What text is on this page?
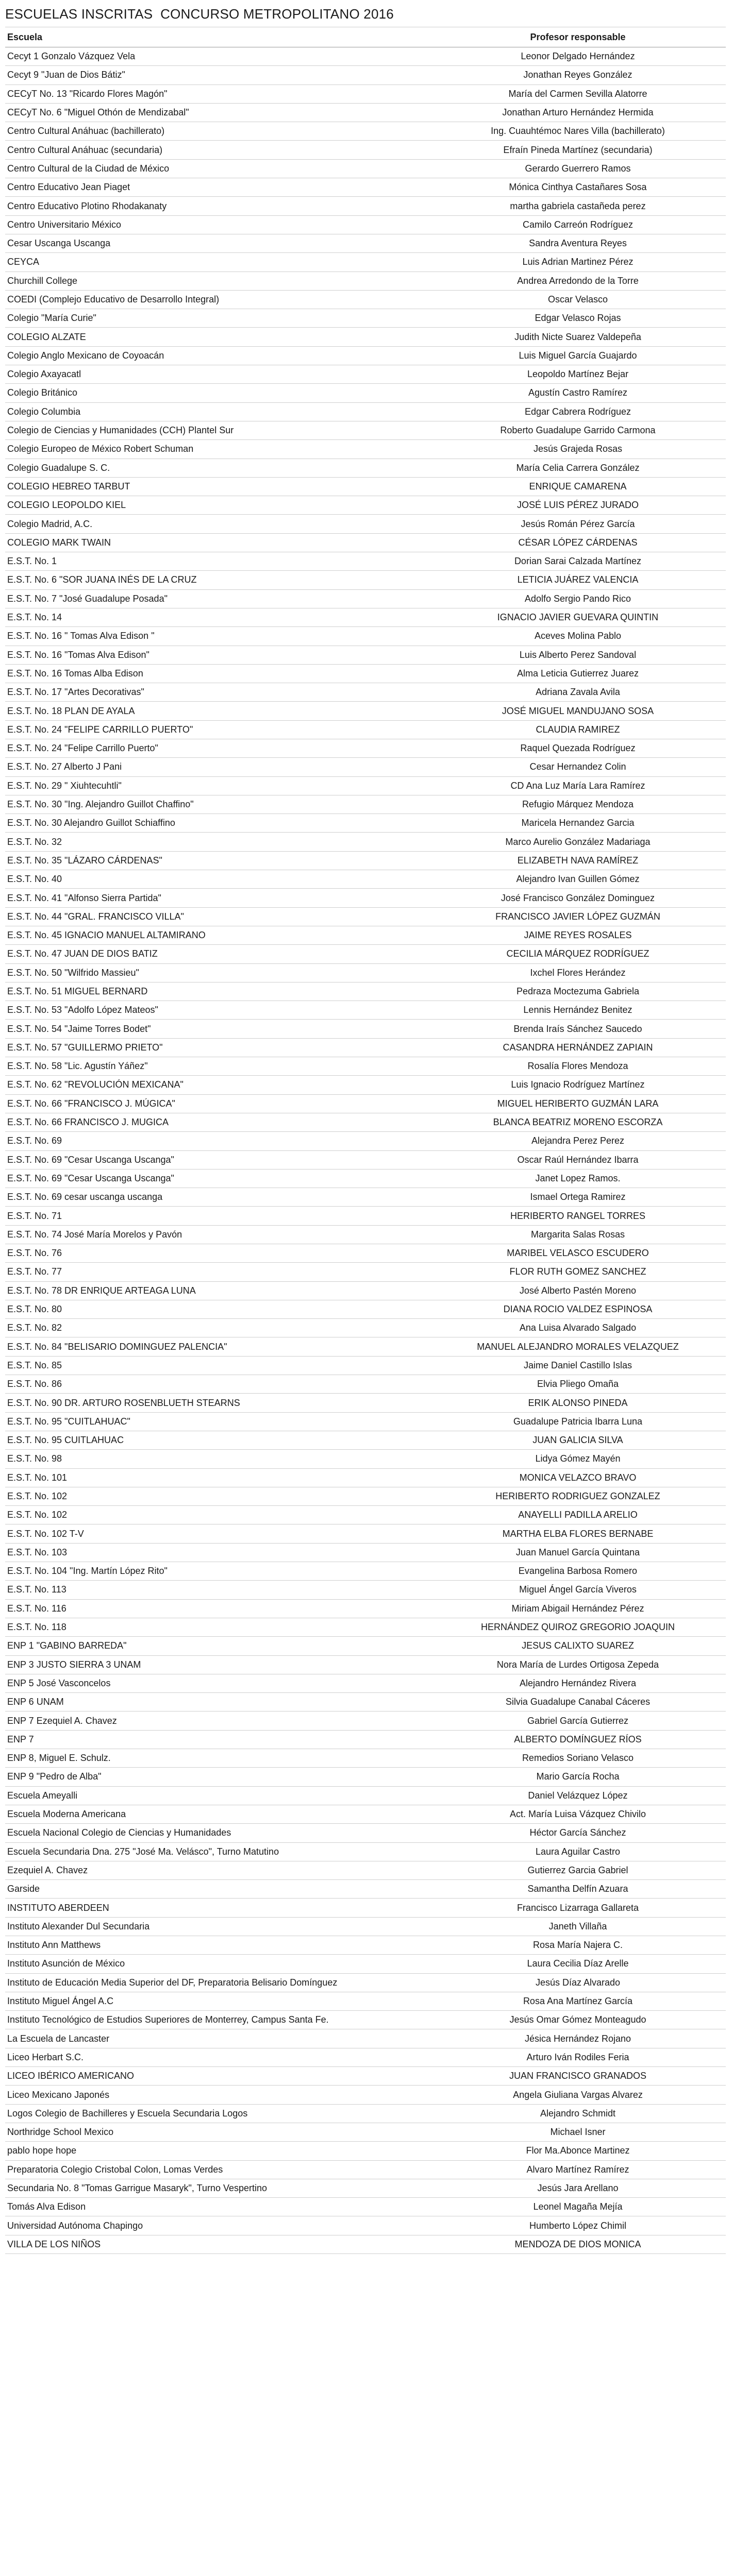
ESCUELAS INSCRITAS  CONCURSO METROPOLITANO 2016
Escuela	Profesor responsable
Cecyt 1 Gonzalo Vázquez Vela	Leonor Delgado Hernández
Cecyt 9 "Juan de Dios Bátiz"	Jonathan Reyes González
CECyT No. 13 "Ricardo Flores Magón"	María del Carmen Sevilla Alatorre
CECyT No. 6 "Miguel Othón de Mendizabal"	Jonathan Arturo Hernández Hermida
Centro Cultural Anáhuac (bachillerato)	Ing. Cuauhtémoc Nares Villa (bachillerato)
Centro Cultural Anáhuac (secundaria)	Efraín Pineda Martínez (secundaria)
Centro Cultural de la Ciudad de México	Gerardo Guerrero Ramos
Centro Educativo Jean Piaget	Mónica Cinthya Castañares Sosa
Centro Educativo Plotino Rhodakanaty	martha gabriela castañeda perez
Centro Universitario México	Camilo Carreón Rodríguez
Cesar Uscanga Uscanga	Sandra Aventura Reyes
CEYCA	Luis Adrian Martinez Pérez
Churchill College	Andrea Arredondo de la Torre
COEDI (Complejo Educativo de Desarrollo Integral)	Oscar Velasco
Colegio "María Curie"	Edgar Velasco Rojas
COLEGIO ALZATE	Judith Nicte Suarez Valdepeña
Colegio Anglo Mexicano de Coyoacán	Luis Miguel García Guajardo
Colegio Axayacatl	Leopoldo Martínez Bejar
Colegio Británico	Agustín Castro Ramírez
Colegio Columbia	Edgar Cabrera Rodríguez
Colegio de Ciencias y Humanidades (CCH) Plantel Sur	Roberto Guadalupe Garrido Carmona
Colegio Europeo de México Robert Schuman	Jesús Grajeda Rosas
Colegio Guadalupe S. C.	María Celia Carrera González
COLEGIO HEBREO TARBUT	ENRIQUE CAMARENA
COLEGIO LEOPOLDO KIEL	JOSÉ LUIS PÉREZ JURADO
Colegio Madrid, A.C.	Jesús Román Pérez García
COLEGIO MARK TWAIN	CÉSAR LÓPEZ CÁRDENAS
E.S.T. No. 1	Dorian Sarai Calzada Martínez
E.S.T. No. 6 "SOR JUANA INÉS DE LA CRUZ	LETICIA JUÁREZ VALENCIA
E.S.T. No. 7 "José Guadalupe Posada"	Adolfo Sergio Pando Rico
E.S.T. No. 14	IGNACIO JAVIER GUEVARA QUINTIN
E.S.T. No. 16 " Tomas Alva Edison "	Aceves Molina Pablo
E.S.T. No. 16 "Tomas Alva Edison"	Luis Alberto Perez Sandoval
E.S.T. No. 16 Tomas Alba Edison	Alma Leticia Gutierrez Juarez
E.S.T. No. 17 "Artes Decorativas"	Adriana Zavala Avila
E.S.T. No. 18 PLAN DE AYALA	JOSÉ MIGUEL MANDUJANO SOSA
E.S.T. No. 24 "FELIPE CARRILLO PUERTO"	CLAUDIA RAMIREZ
E.S.T. No. 24 "Felipe Carrillo Puerto"	Raquel Quezada Rodríguez
E.S.T. No. 27 Alberto J Pani	Cesar Hernandez Colin
E.S.T. No. 29 " Xiuhtecuhtli"	CD Ana Luz María Lara Ramírez
E.S.T. No. 30 "Ing. Alejandro Guillot Chaffino"	Refugio Márquez Mendoza
E.S.T. No. 30 Alejandro Guillot Schiaffino	Maricela Hernandez Garcia
E.S.T. No. 32	Marco Aurelio González Madariaga
E.S.T. No. 35 "LÁZARO CÁRDENAS"	ELIZABETH NAVA RAMÍREZ
E.S.T. No. 40	Alejandro Ivan Guillen Gómez
E.S.T. No. 41 "Alfonso Sierra Partida"	José Francisco González Dominguez
E.S.T. No. 44 "GRAL. FRANCISCO VILLA"	FRANCISCO JAVIER LÓPEZ GUZMÁN
E.S.T. No. 45 IGNACIO MANUEL ALTAMIRANO	JAIME REYES ROSALES
E.S.T. No. 47 JUAN DE DIOS BATIZ	CECILIA MÁRQUEZ RODRÍGUEZ
E.S.T. No. 50 "Wilfrido Massieu"	Ixchel Flores Herández
E.S.T. No. 51 MIGUEL BERNARD	Pedraza Moctezuma Gabriela
E.S.T. No. 53 "Adolfo López Mateos"	Lennis Hernández Benitez
E.S.T. No. 54 "Jaime Torres Bodet"	Brenda Iraís Sánchez Saucedo
E.S.T. No. 57 "GUILLERMO PRIETO"	CASANDRA HERNÁNDEZ ZAPIAIN
E.S.T. No. 58 "Lic. Agustín Yáñez"	Rosalía Flores Mendoza
E.S.T. No. 62 "REVOLUCIÓN MEXICANA"	Luis Ignacio Rodríguez Martínez
E.S.T. No. 66 "FRANCISCO J. MÚGICA"	MIGUEL HERIBERTO GUZMÁN LARA
E.S.T. No. 66 FRANCISCO J. MUGICA	BLANCA BEATRIZ MORENO ESCORZA
E.S.T. No. 69	Alejandra Perez Perez
E.S.T. No. 69 "Cesar Uscanga Uscanga"	Oscar Raúl Hernández Ibarra
E.S.T. No. 69 "Cesar Uscanga Uscanga"	Janet Lopez Ramos.
E.S.T. No. 69 cesar uscanga uscanga	Ismael Ortega Ramirez
E.S.T. No. 71	HERIBERTO RANGEL TORRES
E.S.T. No. 74 José María Morelos y Pavón	Margarita Salas Rosas
E.S.T. No. 76	MARIBEL VELASCO ESCUDERO
E.S.T. No. 77	FLOR RUTH GOMEZ SANCHEZ
E.S.T. No. 78 DR ENRIQUE ARTEAGA LUNA	José Alberto Pastén Moreno
E.S.T. No. 80	DIANA ROCIO VALDEZ ESPINOSA
E.S.T. No. 82	Ana Luisa Alvarado Salgado
E.S.T. No. 84 "BELISARIO DOMINGUEZ PALENCIA"	MANUEL ALEJANDRO MORALES VELAZQUEZ
E.S.T. No. 85	Jaime Daniel Castillo Islas
E.S.T. No. 86	Elvia Pliego Omaña
E.S.T. No. 90 DR. ARTURO ROSENBLUETH STEARNS	ERIK ALONSO PINEDA
E.S.T. No. 95 "CUITLAHUAC"	Guadalupe Patricia Ibarra Luna
E.S.T. No. 95 CUITLAHUAC	JUAN GALICIA SILVA
E.S.T. No. 98	Lidya Gómez Mayén
E.S.T. No. 101	MONICA VELAZCO BRAVO
E.S.T. No. 102	HERIBERTO RODRIGUEZ GONZALEZ
E.S.T. No. 102	ANAYELLI PADILLA ARELIO
E.S.T. No. 102 T-V	MARTHA ELBA FLORES BERNABE
E.S.T. No. 103	Juan Manuel García Quintana
E.S.T. No. 104 "Ing. Martín López Rito"	Evangelina Barbosa Romero
E.S.T. No. 113	Miguel Ángel García Viveros
E.S.T. No. 116	Miriam Abigail Hernández Pérez
E.S.T. No. 118	HERNÁNDEZ QUIROZ GREGORIO JOAQUIN
ENP 1 "GABINO BARREDA"	JESUS CALIXTO SUAREZ
ENP 3 JUSTO SIERRA 3 UNAM	Nora María de Lurdes Ortigosa Zepeda
ENP 5 José Vasconcelos	Alejandro Hernández Rivera
ENP 6 UNAM	Silvia Guadalupe Canabal Cáceres
ENP 7 Ezequiel A. Chavez	Gabriel García Gutierrez
ENP 7	ALBERTO DOMÍNGUEZ RÍOS
ENP 8, Miguel E. Schulz.	Remedios Soriano Velasco
ENP 9 "Pedro de Alba"	Mario García Rocha
Escuela Ameyalli	Daniel Velázquez López
Escuela Moderna Americana	Act. María Luisa Vázquez Chivilo
Escuela Nacional Colegio de Ciencias y Humanidades	Héctor García Sánchez
Escuela Secundaria Dna. 275 "José Ma. Velásco", Turno Matutino	Laura Aguilar Castro
Ezequiel A. Chavez	Gutierrez Garcia Gabriel
Garside	Samantha Delfín Azuara
INSTITUTO ABERDEEN	Francisco Lizarraga Gallareta
Instituto Alexander Dul Secundaria	Janeth Villaña
Instituto Ann Matthews	Rosa María Najera C.
Instituto Asunción de México	Laura Cecilia Díaz Arelle
Instituto de Educación Media Superior del DF, Preparatoria Belisario Domínguez	Jesús Díaz Alvarado
Instituto Miguel Ángel A.C	Rosa Ana Martínez García
Instituto Tecnológico de Estudios Superiores de Monterrey, Campus Santa Fe.	Jesús Omar Gómez Monteagudo
La Escuela de Lancaster	Jésica Hernández Rojano
Liceo Herbart S.C.	Arturo Iván Rodiles Feria
LICEO IBÉRICO AMERICANO	JUAN FRANCISCO GRANADOS
Liceo Mexicano Japonés	Angela Giuliana Vargas Alvarez
Logos Colegio de Bachilleres y Escuela Secundaria Logos	Alejandro Schmidt
Northridge School Mexico	Michael Isner
pablo hope hope	Flor Ma.Abonce Martinez
Preparatoria Colegio Cristobal Colon, Lomas Verdes	Alvaro Martínez Ramírez
Secundaria No. 8 "Tomas Garrigue Masaryk", Turno Vespertino	Jesús Jara Arellano
Tomás Alva Edison	Leonel Magaña Mejía
Universidad Autónoma Chapingo	Humberto López Chimil
VILLA DE LOS NIÑOS	MENDOZA DE DIOS MONICA
